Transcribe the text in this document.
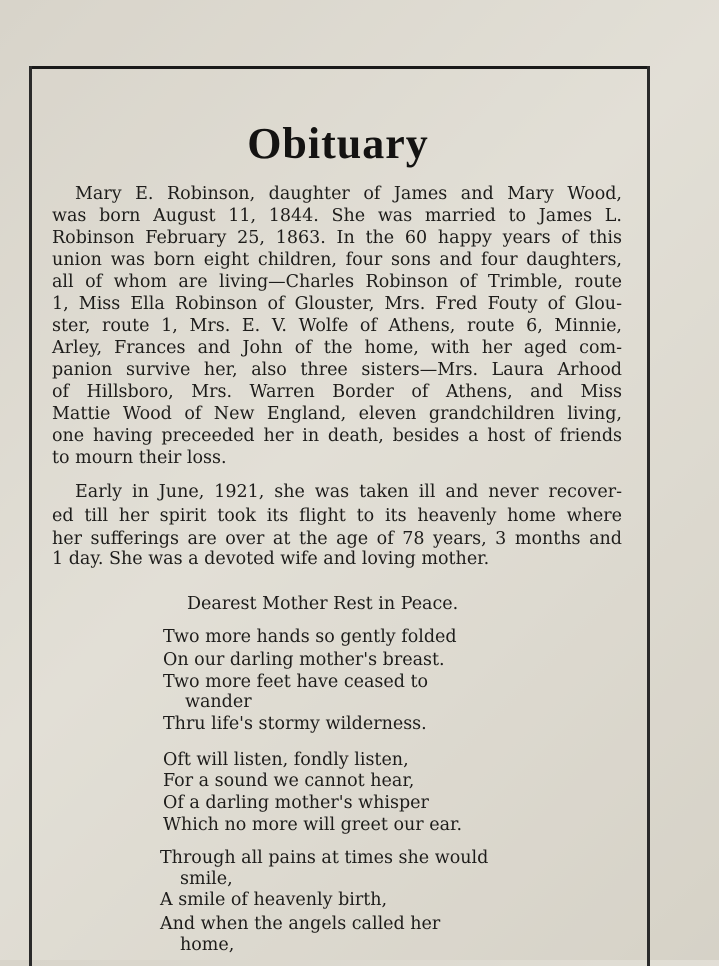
Obituary
Mary E. Robinson, daughter of James and Mary Wood,
was born August 11, 1844. She was married to James L.
Robinson February 25, 1863. In the 60 happy years of this
union was born eight children, four sons and four daughters,
all of whom are living—Charles Robinson of Trimble, route
1, Miss Ella Robinson of Glouster, Mrs. Fred Fouty of Glou-
ster, route 1, Mrs. E. V. Wolfe of Athens, route 6, Minnie,
Arley, Frances and John of the home, with her aged com-
panion survive her, also three sisters—Mrs. Laura Arhood
of Hillsboro, Mrs. Warren Border of Athens, and Miss
Mattie Wood of New England, eleven grandchildren living,
one having preceeded her in death, besides a host of friends
to mourn their loss.
Early in June, 1921, she was taken ill and never recover-
ed till her spirit took its flight to its heavenly home where
her sufferings are over at the age of 78 years, 3 months and
1 day. She was a devoted wife and loving mother.
Dearest Mother Rest in Peace.
Two more hands so gently folded
On our darling mother's breast.
Two more feet have ceased to
wander
Thru life's stormy wilderness.
Oft will listen, fondly listen,
For a sound we cannot hear,
Of a darling mother's whisper
Which no more will greet our ear.
Through all pains at times she would
smile,
A smile of heavenly birth,
And when the angels called her
home,
